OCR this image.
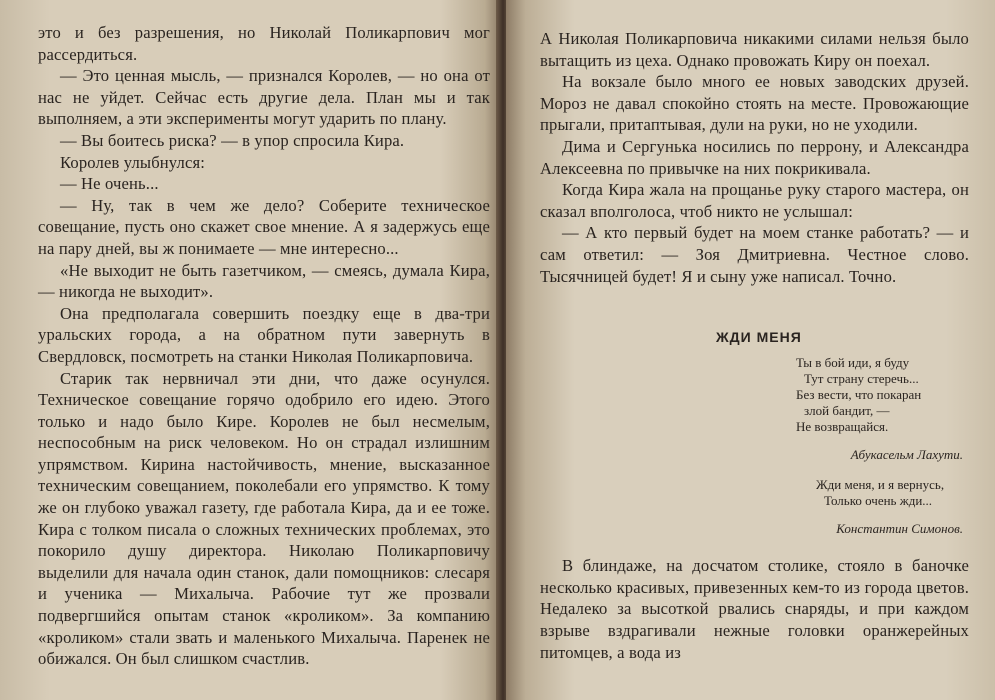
это и без разрешения, но Николай Поликарпович мог рассердиться.

— Это ценная мысль, — признался Королев, — но она от нас не уйдет. Сейчас есть другие дела. План мы и так выполняем, а эти эксперименты могут ударить по плану.

— Вы боитесь риска? — в упор спросила Кира.

Королев улыбнулся:

— Не очень...

— Ну, так в чем же дело? Соберите техническое совещание, пусть оно скажет свое мнение. А я задержусь еще на пару дней, вы ж понимаете — мне интересно...

«Не выходит не быть газетчиком, — смеясь, думала Кира, — никогда не выходит».

Она предполагала совершить поездку еще в два-три уральских города, а на обратном пути завернуть в Свердловск, посмотреть на станки Николая Поликарповича.

Старик так нервничал эти дни, что даже осунулся. Техническое совещание горячо одобрило его идею. Этого только и надо было Кире. Королев не был несмелым, неспособным на риск человеком. Но он страдал излишним упрямством. Кирина настойчивость, мнение, высказанное техническим совещанием, поколебали его упрямство. К тому же он глубоко уважал газету, где работала Кира, да и ее тоже. Кира с толком писала о сложных технических проблемах, это покорило душу директора. Николаю Поликарповичу выделили для начала один станок, дали помощников: слесаря и ученика — Михалыча. Рабочие тут же прозвали подвергшийся опытам станок «кроликом». За компанию «кроликом» стали звать и маленького Михалыча. Паренек не обижался. Он был слишком счастлив.

А Николая Поликарповича никакими силами нельзя было вытащить из цеха. Однако провожать Киру он поехал.

На вокзале было много ее новых заводских друзей. Мороз не давал спокойно стоять на месте. Провожающие прыгали, притаптывая, дули на руки, но не уходили.

Дима и Сергунька носились по перрону, и Александра Алексеевна по привычке на них покрикивала.

Когда Кира жала на прощанье руку старого мастера, он сказал вполголоса, чтоб никто не услышал:

— А кто первый будет на моем станке работать? — и сам ответил: — Зоя Дмитриевна. Честное слово. Тысячницей будет! Я и сыну уже написал. Точно.

ЖДИ МЕНЯ
Ты в бой иди, я буду
Тут страну стеречь...
Без вести, что покаран
злой бандит, —
Не возвращайся.
Абукасельм Лахути.
Жди меня, и я вернусь,
Только очень жди...
Константин Симонов.

В блиндаже, на досчатом столике, стояло в баночке несколько красивых, привезенных кем-то из города цветов. Недалеко за высоткой рвались снаряды, и при каждом взрыве вздрагивали нежные головки оранжерейных питомцев, а вода из
